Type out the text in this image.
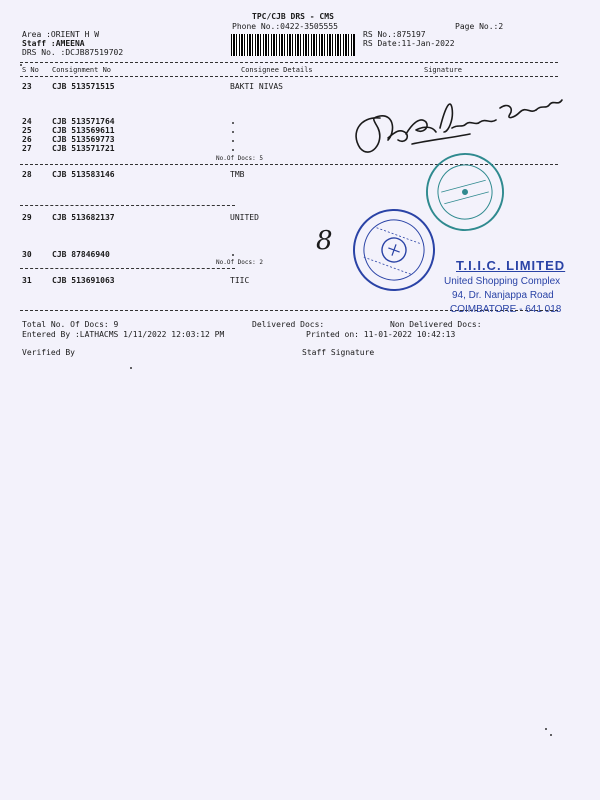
TPC/CJB DRS - CMS
Phone No.:0422-3505555	Page No.:2
Area :ORIENT H W
Staff :AMEENA
DRS No. :DCJB87519702
RS No.:875197
RS Date:11-Jan-2022
S No Consignment No	Consignee Details	Signature
23	CJB 513571515	BAKTI NIVAS
24	CJB 513571764
25	CJB 513569611
26	CJB 513569773
27	CJB 513571721
No.Of Docs: 5
28	CJB 513583146	TMB
29	CJB 513682137	UNITED
30	CJB 87846940
No.Of Docs: 2
31	CJB 513691063	TIIC
Total No. Of Docs: 9	Delivered Docs:	Non Delivered Docs:
Entered By :LATHACMS 1/11/2022 12:03:12 PM	Printed on: 11-01-2022 10:42:13
Verified By	Staff Signature
8
T.I.I.C. LIMITED
United Shopping Complex
94, Dr. Nanjappa Road
COIMBATORE - 641 018
